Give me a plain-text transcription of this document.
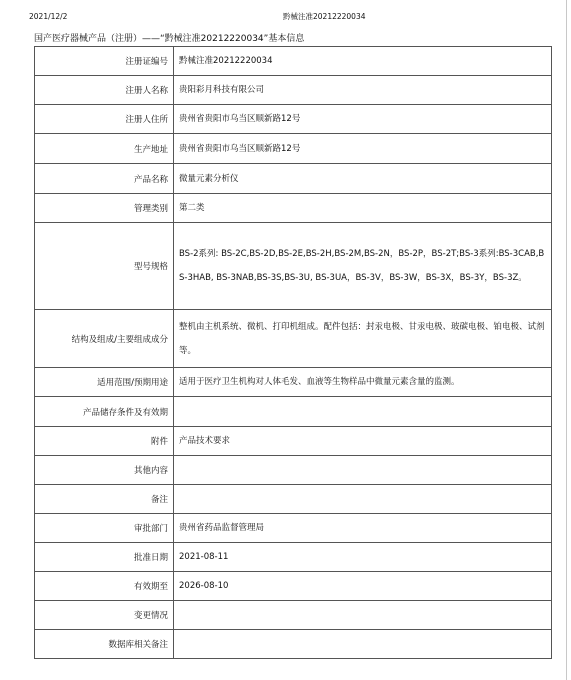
2021/12/2	黔械注准20212220034
国产医疗器械产品（注册）——“黔械注准20212220034”基本信息
注册证编号	黔械注准20212220034
注册人名称	贵阳彩月科技有限公司
注册人住所	贵州省贵阳市乌当区顺新路12号
生产地址	贵州省贵阳市乌当区顺新路12号
产品名称	微量元素分析仪
管理类别	第二类
型号规格	BS-2系列: BS-2C,BS-2D,BS-2E,BS-2H,BS-2M,BS-2N，BS-2P，BS-2T;BS-3系列:BS-3CAB,BS-3HAB, BS-3NAB,BS-3S,BS-3U, BS-3UA，BS-3V，BS-3W，BS-3X，BS-3Y，BS-3Z。

结构及组成/主要组成成分	整机由主机系统、微机、打印机组成。配件包括：封汞电极、甘汞电极、玻碳电极、铂电极、试剂等。

适用范围/预期用途	适用于医疗卫生机构对人体毛发、血液等生物样品中微量元素含量的监测。
产品储存条件及有效期	
附件	产品技术要求
其他内容	
备注	
审批部门	贵州省药品监督管理局
批准日期	2021-08-11
有效期至	2026-08-10
变更情况	
数据库相关备注	
